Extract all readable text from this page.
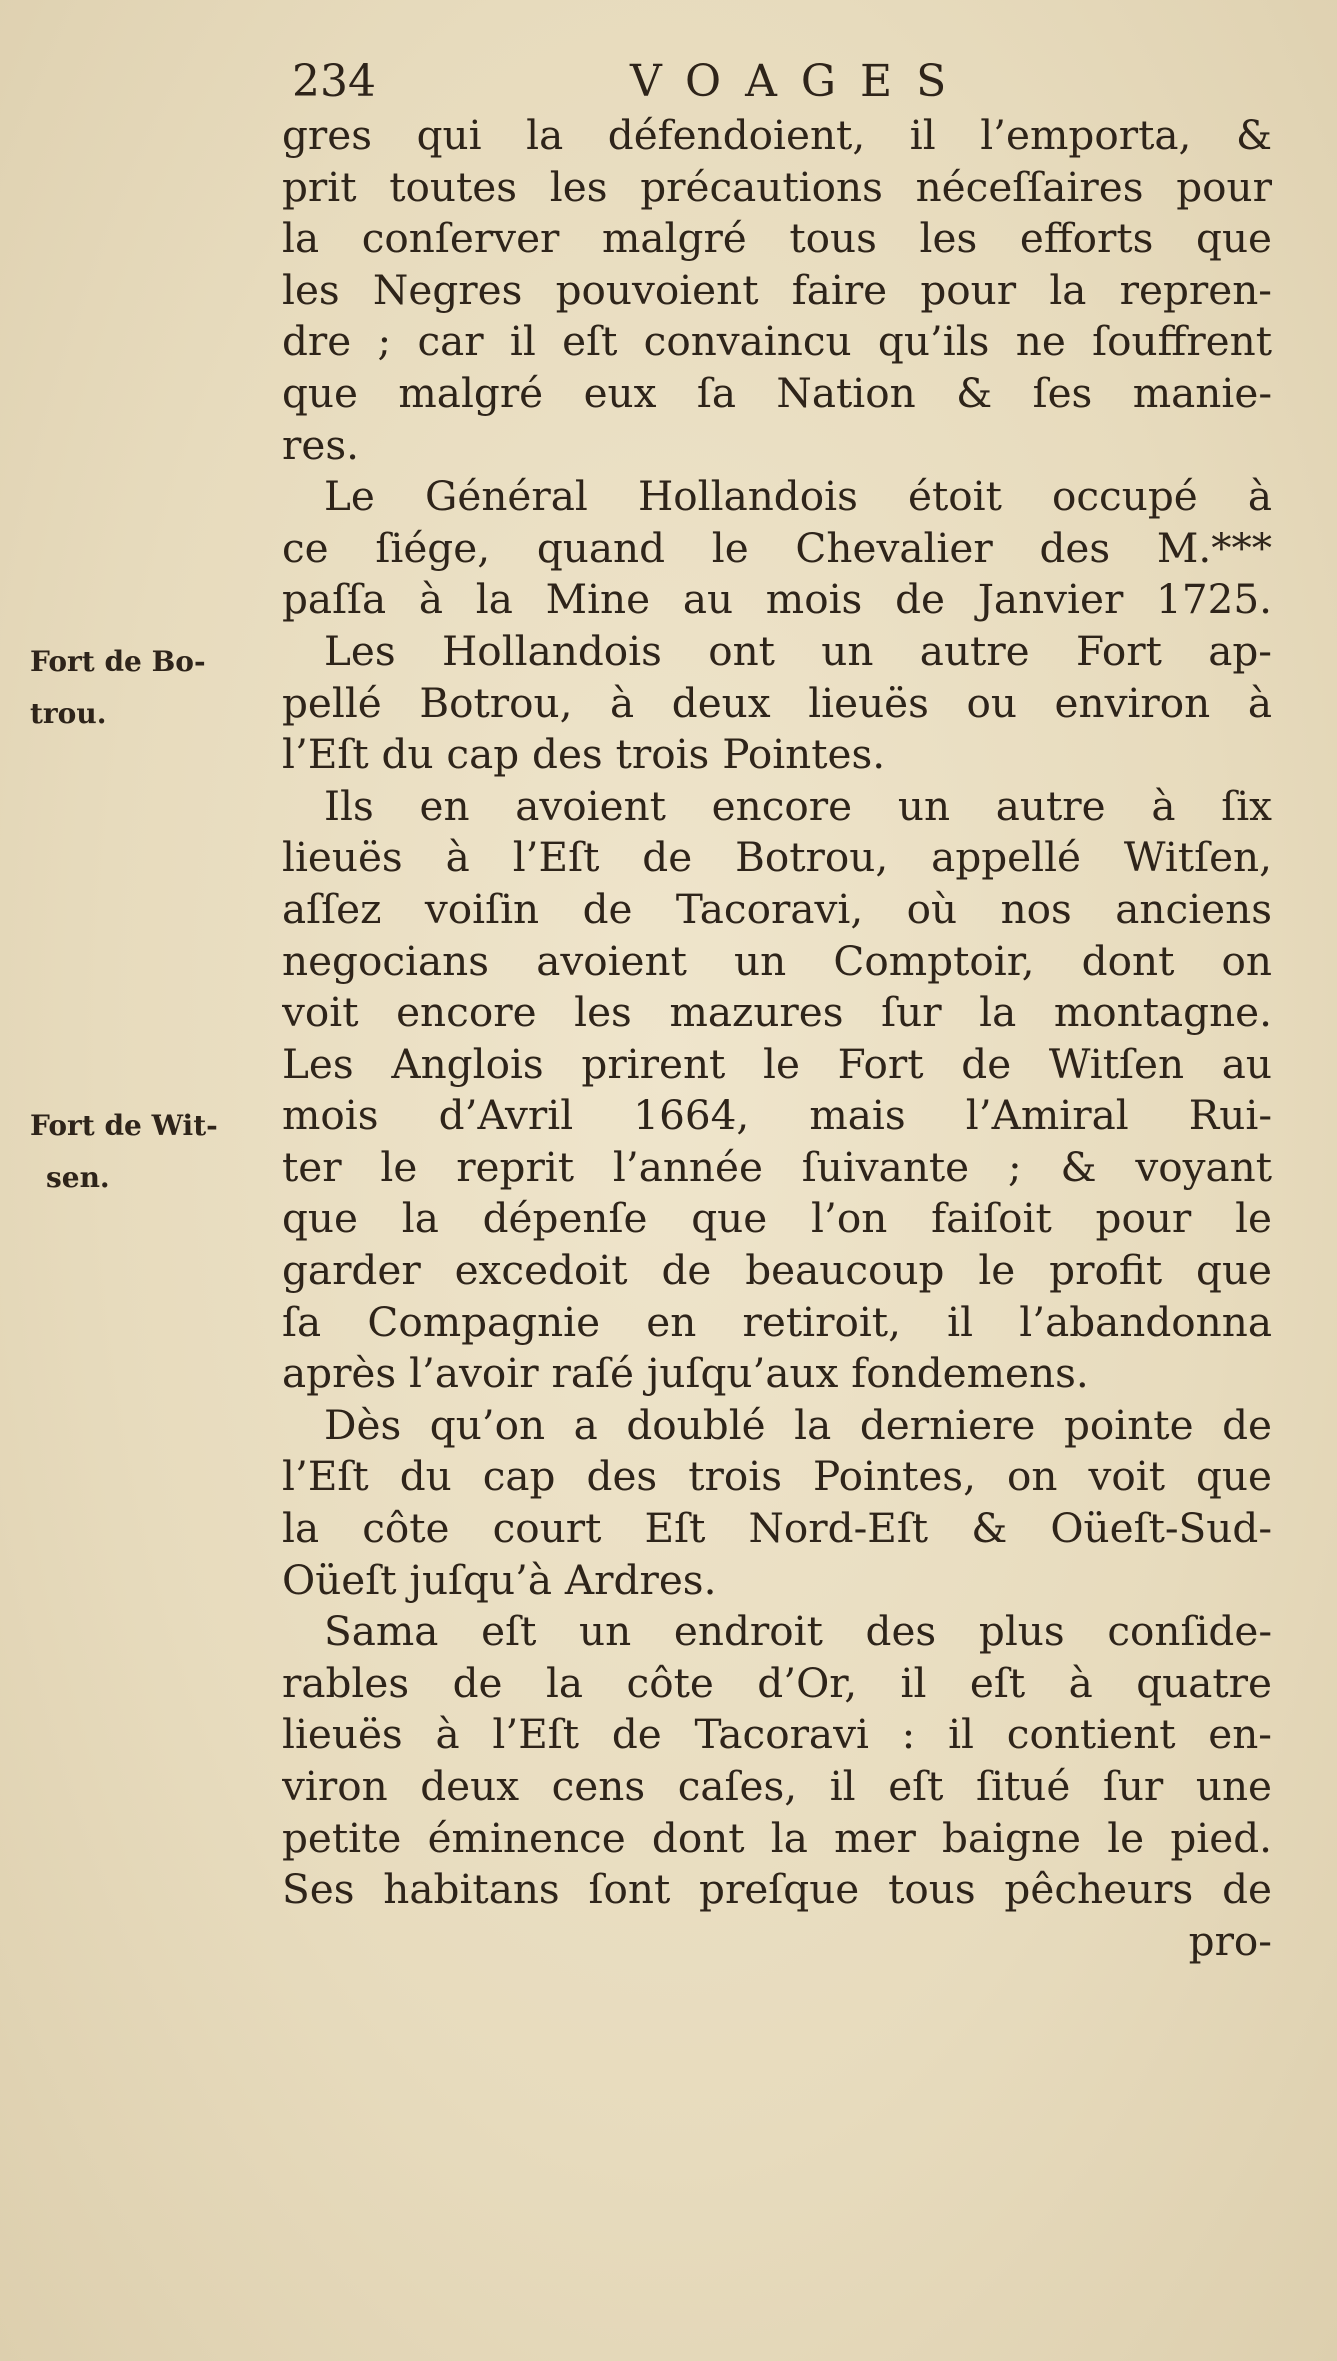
234	VOAGES
Fort de Bo-
trou.
Fort de Wit-
sen.
gres qui la défendoient, il l’emporta, &
prit toutes les précautions néceſſaires pour
la conſerver malgré tous les efforts que
les Negres pouvoient faire pour la repren-
dre ; car il eſt convaincu qu’ils ne ſouffrent
que malgré eux ſa Nation & ſes manie-
res.
Le Général Hollandois étoit occupé à
ce ſiége, quand le Chevalier des M.***
paſſa à la Mine au mois de Janvier 1725.
Les Hollandois ont un autre Fort ap-
pellé Botrou, à deux lieuës ou environ à
l’Eſt du cap des trois Pointes.
Ils en avoient encore un autre à ſix
lieuës à l’Eſt de Botrou, appellé Witſen,
aſſez voiſin de Tacoravi, où nos anciens
negocians avoient un Comptoir, dont on
voit encore les mazures ſur la montagne.
Les Anglois prirent le Fort de Witſen au
mois d’Avril 1664, mais l’Amiral Rui-
ter le reprit l’année ſuivante ; & voyant
que la dépenſe que l’on faiſoit pour le
garder excedoit de beaucoup le profit que
ſa Compagnie en retiroit, il l’abandonna
après l’avoir raſé juſqu’aux fondemens.
Dès qu’on a doublé la derniere pointe de
l’Eſt du cap des trois Pointes, on voit que
la côte court Eſt Nord-Eſt & Oüeſt-Sud-
Oüeſt juſqu’à Ardres.
Sama eſt un endroit des plus conſide-
rables de la côte d’Or, il eſt à quatre
lieuës à l’Eſt de Tacoravi : il contient en-
viron deux cens caſes, il eſt ſitué ſur une
petite éminence dont la mer baigne le pied.
Ses habitans ſont preſque tous pêcheurs de
pro-
